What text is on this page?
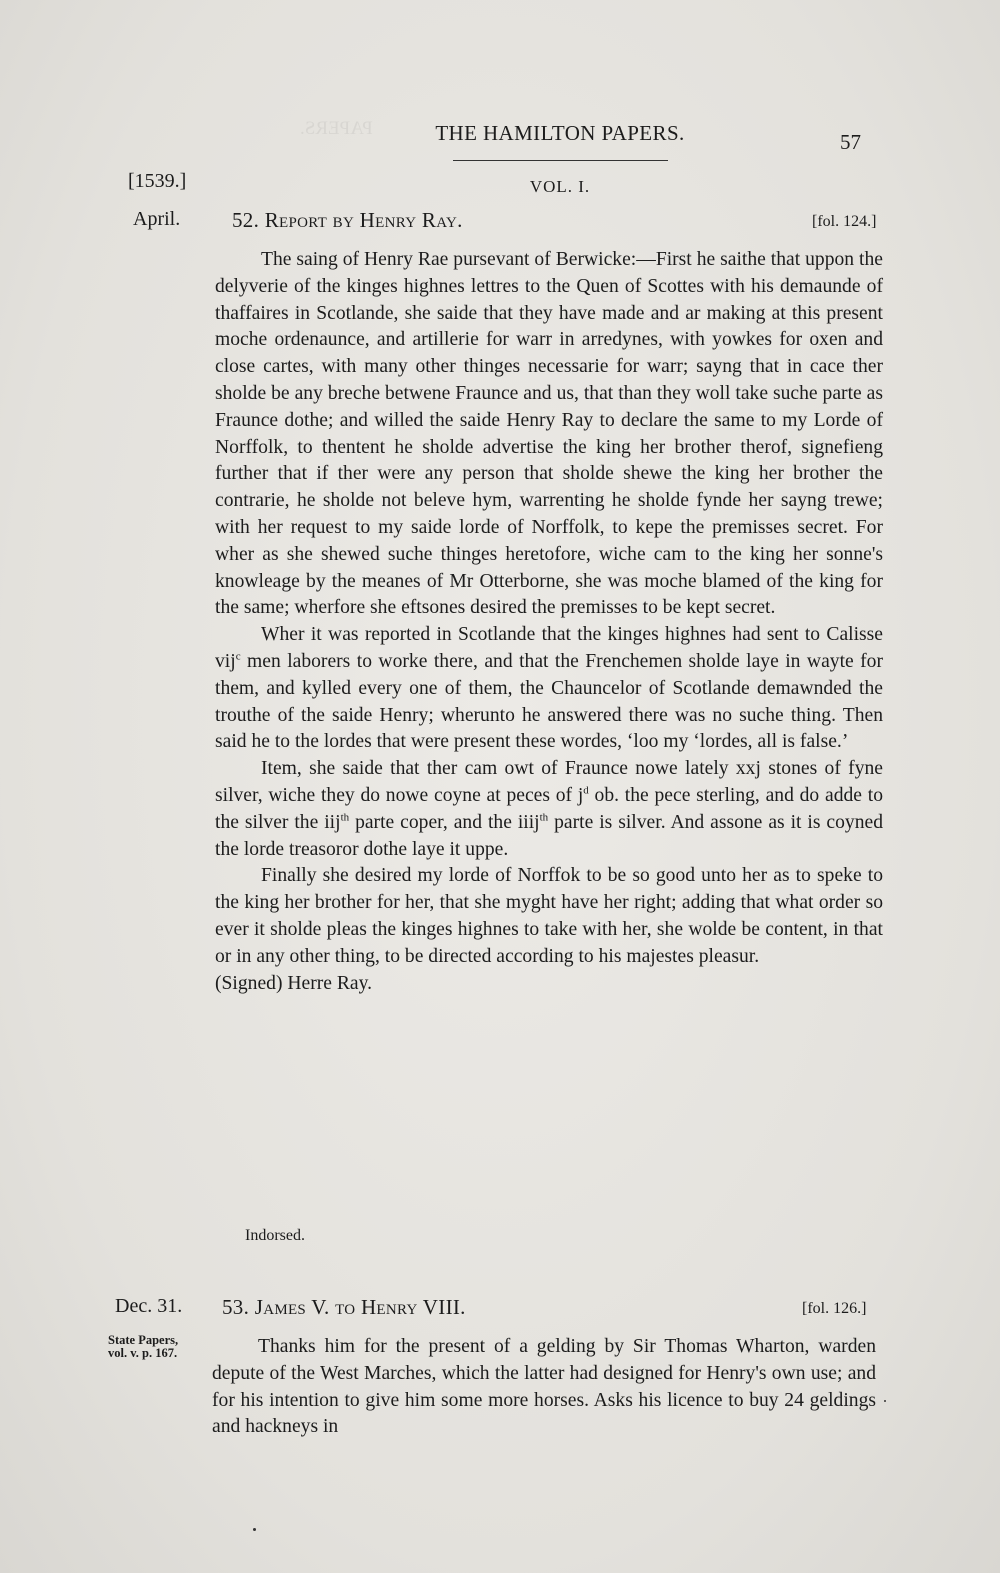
PAPERS.	THE HAMILTON PAPERS.	57
[1539.]	VOL. I.
April. 52. Report by Henry Ray.	[fol. 124.]

The saing of Henry Rae pursevant of Berwicke:—First he saithe that uppon the delyverie of the kinges highnes lettres to the Quen of Scottes with his demaunde of thaffaires in Scotlande, she saide that they have made and ar making at this present moche ordenaunce, and artillerie for warr in arredynes, with yowkes for oxen and close cartes, with many other thinges necessarie for warr; sayng that in cace ther sholde be any breche betwene Fraunce and us, that than they woll take suche parte as Fraunce dothe; and willed the saide Henry Ray to declare the same to my Lorde of Norffolk, to thentent he sholde advertise the king her brother therof, signefieng further that if ther were any person that sholde shewe the king her brother the contrarie, he sholde not beleve hym, warrenting he sholde fynde her sayng trewe; with her request to my saide lorde of Norffolk, to kepe the premisses secret. For wher as she shewed suche thinges heretofore, wiche cam to the king her sonne's knowleage by the meanes of Mr Otterborne, she was moche blamed of the king for the same; wherfore she eftsones desired the premisses to be kept secret.

Wher it was reported in Scotlande that the kinges highnes had sent to Calisse vij$^c$ men laborers to worke there, and that the Frenchemen sholde laye in wayte for them, and kylled every one of them, the Chauncelor of Scotlande demawnded the trouthe of the saide Henry; wherunto he answered there was no suche thing. Then said he to the lordes that were present these wordes, ‘loo my ‘lordes, all is false.’

Item, she saide that ther cam owt of Fraunce nowe lately xxj stones of fyne silver, wiche they do nowe coyne at peces of $j^d$ ob. the pece sterling, and do adde to the silver the iij$^{th}$ parte coper, and the iiij$^{th}$ parte is silver. And assone as it is coyned the lorde treasoror dothe laye it uppe.

Finally she desired my lorde of Norffok to be so good unto her as to speke to the king her brother for her, that she myght have her right; adding that what order so ever it sholde pleas the kinges highnes to take with her, she wolde be content, in that or in any other thing, to be directed according to his majestes pleasur.

(Signed) Herre Ray.

Indorsed.
Dec. 31. 53. James V. to Henry VIII.	[fol. 126.]
State Papers,
vol. v. p. 167.	Thanks him for the present of a gelding by Sir Thomas Wharton, warden depute of the West Marches, which the latter had designed for Henry's own use; and for his intention to give him some more horses. Asks his licence to buy 24 geldings and hackneys in
